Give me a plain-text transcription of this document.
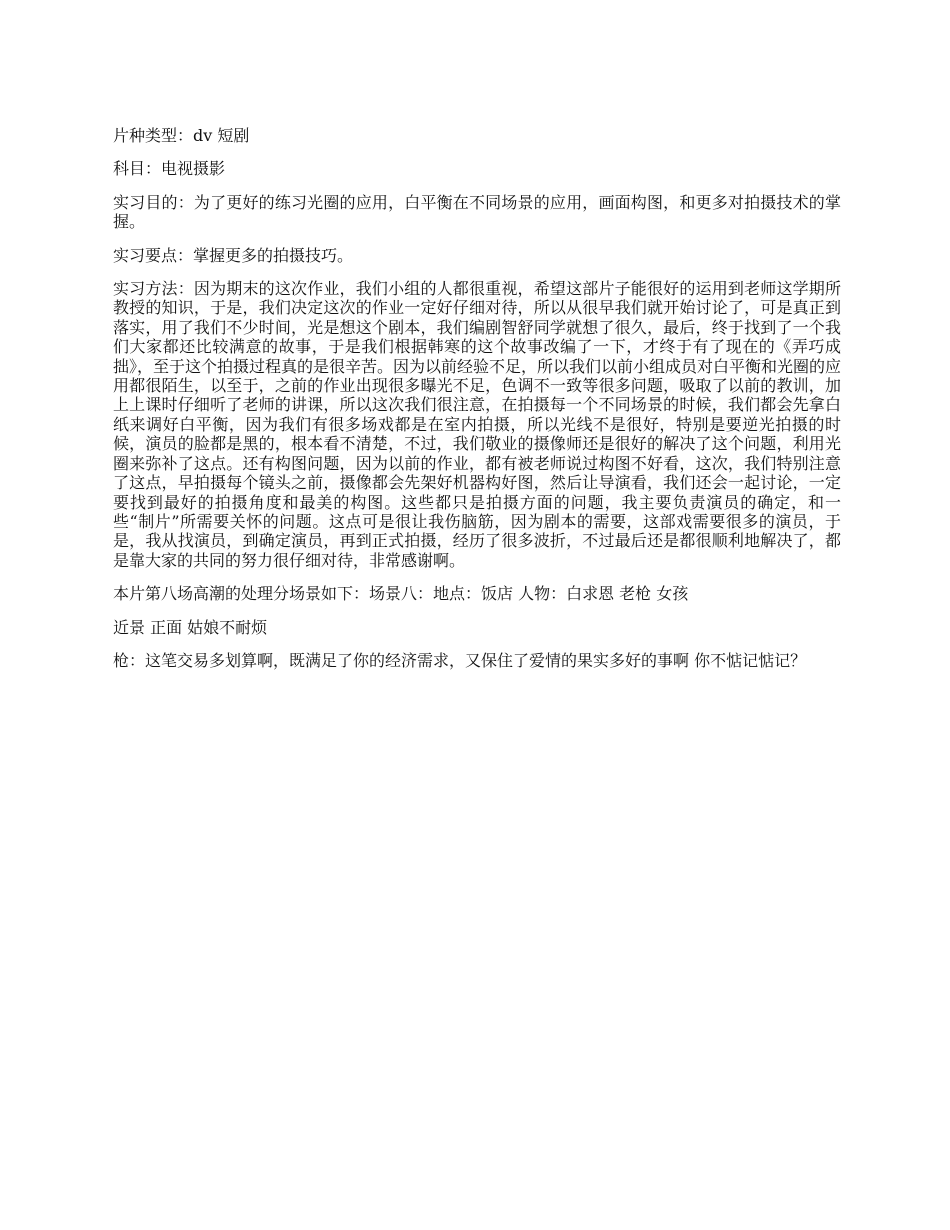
片种类型：dv 短剧

科目：电视摄影

实习目的：为了更好的练习光圈的应用，白平衡在不同场景的应用，画面构图，和更多对拍摄技术的掌握。

实习要点：掌握更多的拍摄技巧。

实习方法：因为期末的这次作业，我们小组的人都很重视，希望这部片子能很好的运用到老师这学期所教授的知识，于是，我们决定这次的作业一定好仔细对待，所以从很早我们就开始讨论了，可是真正到落实，用了我们不少时间，光是想这个剧本，我们编剧智舒同学就想了很久，最后，终于找到了一个我们大家都还比较满意的故事，于是我们根据韩寒的这个故事改编了一下，才终于有了现在的《弄巧成拙》，至于这个拍摄过程真的是很辛苦。因为以前经验不足，所以我们以前小组成员对白平衡和光圈的应用都很陌生，以至于，之前的作业出现很多曝光不足，色调不一致等很多问题，吸取了以前的教训，加上上课时仔细听了老师的讲课，所以这次我们很注意，在拍摄每一个不同场景的时候，我们都会先拿白纸来调好白平衡，因为我们有很多场戏都是在室内拍摄，所以光线不是很好，特别是要逆光拍摄的时候，演员的脸都是黑的，根本看不清楚，不过，我们敬业的摄像师还是很好的解决了这个问题，利用光圈来弥补了这点。还有构图问题，因为以前的作业，都有被老师说过构图不好看，这次，我们特别注意了这点，早拍摄每个镜头之前，摄像都会先架好机器构好图，然后让导演看，我们还会一起讨论，一定要找到最好的拍摄角度和最美的构图。这些都只是拍摄方面的问题，我主要负责演员的确定，和一些“制片”所需要关怀的问题。这点可是很让我伤脑筋，因为剧本的需要，这部戏需要很多的演员，于是，我从找演员，到确定演员，再到正式拍摄，经历了很多波折，不过最后还是都很顺利地解决了，都是靠大家的共同的努力很仔细对待，非常感谢啊。

本片第八场高潮的处理分场景如下：场景八：地点：饭店 人物：白求恩 老枪 女孩

近景 正面 姑娘不耐烦

枪：这笔交易多划算啊，既满足了你的经济需求，又保住了爱情的果实多好的事啊 你不惦记惦记？
